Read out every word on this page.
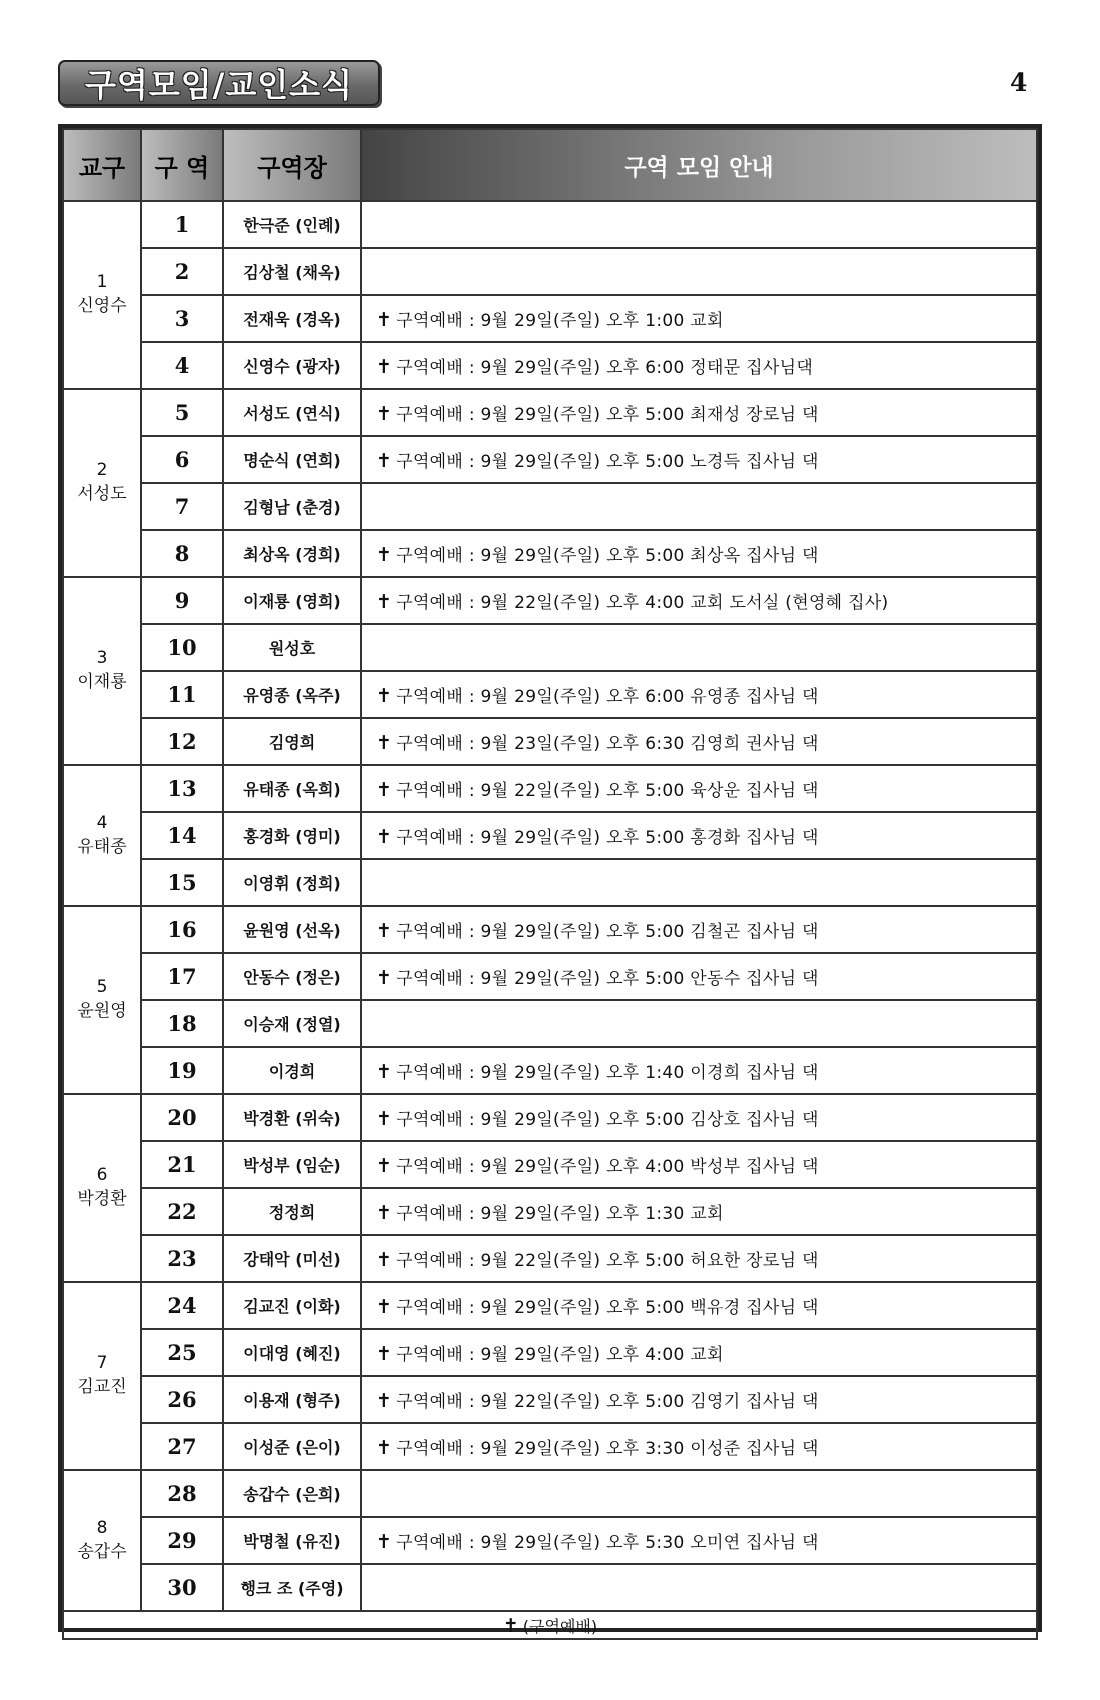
구역모임/교인소식	4
교구	구 역	구역장	구역 모임 안내

1
신영수	1	한극준 (인례)	
	2	김상철 (채옥)	
	3	전재욱 (경옥)	✝ 구역예배 : 9월 29일(주일) 오후 1:00 교회
	4	신영수 (광자)	✝ 구역예배 : 9월 29일(주일) 오후 6:00 정태문 집사님댁

2
서성도	5	서성도 (연식)	✝ 구역예배 : 9월 29일(주일) 오후 5:00 최재성 장로님 댁
	6	명순식 (연희)	✝ 구역예배 : 9월 29일(주일) 오후 5:00 노경득 집사님 댁
	7	김형남 (춘경)	
	8	최상옥 (경희)	✝ 구역예배 : 9월 29일(주일) 오후 5:00 최상옥 집사님 댁

3
이재룡	9	이재룡 (영희)	✝ 구역예배 : 9월 22일(주일) 오후 4:00 교회 도서실 (현영혜 집사)
	10	원성호	
	11	유영종 (옥주)	✝ 구역예배 : 9월 29일(주일) 오후 6:00 유영종 집사님 댁
	12	김영희	✝ 구역예배 : 9월 23일(주일) 오후 6:30 김영희 권사님 댁

4
유태종	13	유태종 (옥희)	✝ 구역예배 : 9월 22일(주일) 오후 5:00 육상운 집사님 댁
	14	홍경화 (영미)	✝ 구역예배 : 9월 29일(주일) 오후 5:00 홍경화 집사님 댁
	15	이영휘 (정희)	

5
윤원영	16	윤원영 (선옥)	✝ 구역예배 : 9월 29일(주일) 오후 5:00 김철곤 집사님 댁
	17	안동수 (정은)	✝ 구역예배 : 9월 29일(주일) 오후 5:00 안동수 집사님 댁
	18	이승재 (정열)	
	19	이경희	✝ 구역예배 : 9월 29일(주일) 오후 1:40 이경희 집사님 댁

6
박경환	20	박경환 (위숙)	✝ 구역예배 : 9월 29일(주일) 오후 5:00 김상호 집사님 댁
	21	박성부 (임순)	✝ 구역예배 : 9월 29일(주일) 오후 4:00 박성부 집사님 댁
	22	정정희	✝ 구역예배 : 9월 29일(주일) 오후 1:30 교회
	23	강태악 (미선)	✝ 구역예배 : 9월 22일(주일) 오후 5:00 허요한 장로님 댁

7
김교진	24	김교진 (이화)	✝ 구역예배 : 9월 29일(주일) 오후 5:00 백유경 집사님 댁
	25	이대영 (혜진)	✝ 구역예배 : 9월 29일(주일) 오후 4:00 교회
	26	이용재 (형주)	✝ 구역예배 : 9월 22일(주일) 오후 5:00 김영기 집사님 댁
	27	이성준 (은이)	✝ 구역예배 : 9월 29일(주일) 오후 3:30 이성준 집사님 댁

8
송갑수	28	송갑수 (은희)	
	29	박명철 (유진)	✝ 구역예배 : 9월 29일(주일) 오후 5:30 오미연 집사님 댁
	30	행크 조 (주영)	
✝ (구역예배)			
